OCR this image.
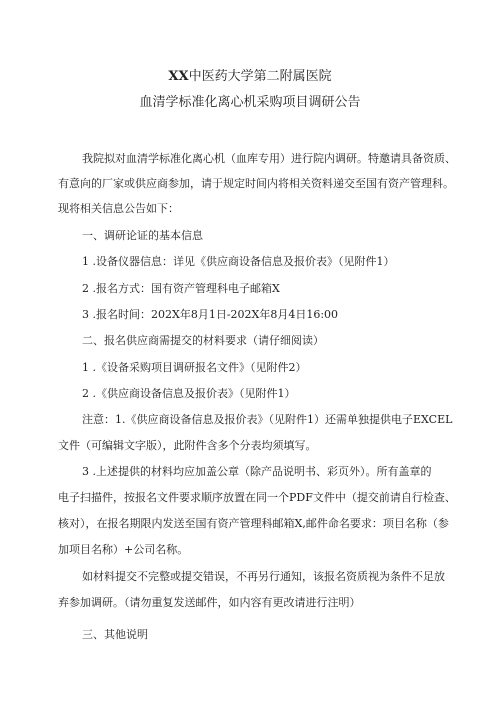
XX中医药大学第二附属医院
血清学标准化离心机采购项目调研公告
我院拟对血清学标准化离心机（血库专用）进行院内调研。特邀请具备资质、
有意向的厂家或供应商参加，请于规定时间内将相关资料递交至国有资产管理科。
现将相关信息公告如下：
一、调研论证的基本信息
1 .设备仪器信息：详见《供应商设备信息及报价表》（见附件1）
2 .报名方式：国有资产管理科电子邮箱X
3 .报名时间：202X年8月1日-202X年8月4日16:00
二、报名供应商需提交的材料要求（请仔细阅读）
1 .《设备采购项目调研报名文件》（见附件2）
2 .《供应商设备信息及报价表》（见附件1）
注意：1.《供应商设备信息及报价表》（见附件1）还需单独提供电子EXCEL
文件（可编辑文字版），此附件含多个分表均须填写。
3 .上述提供的材料均应加盖公章（除产品说明书、彩页外）。所有盖章的
电子扫描件，按报名文件要求顺序放置在同一个PDF文件中（提交前请自行检查、
核对），在报名期限内发送至国有资产管理科邮箱X,邮件命名要求：项目名称（参
加项目名称）+公司名称。
如材料提交不完整或提交错误，不再另行通知，该报名资质视为条件不足放
弃参加调研。（请勿重复发送邮件，如内容有更改请进行注明）
三、其他说明
